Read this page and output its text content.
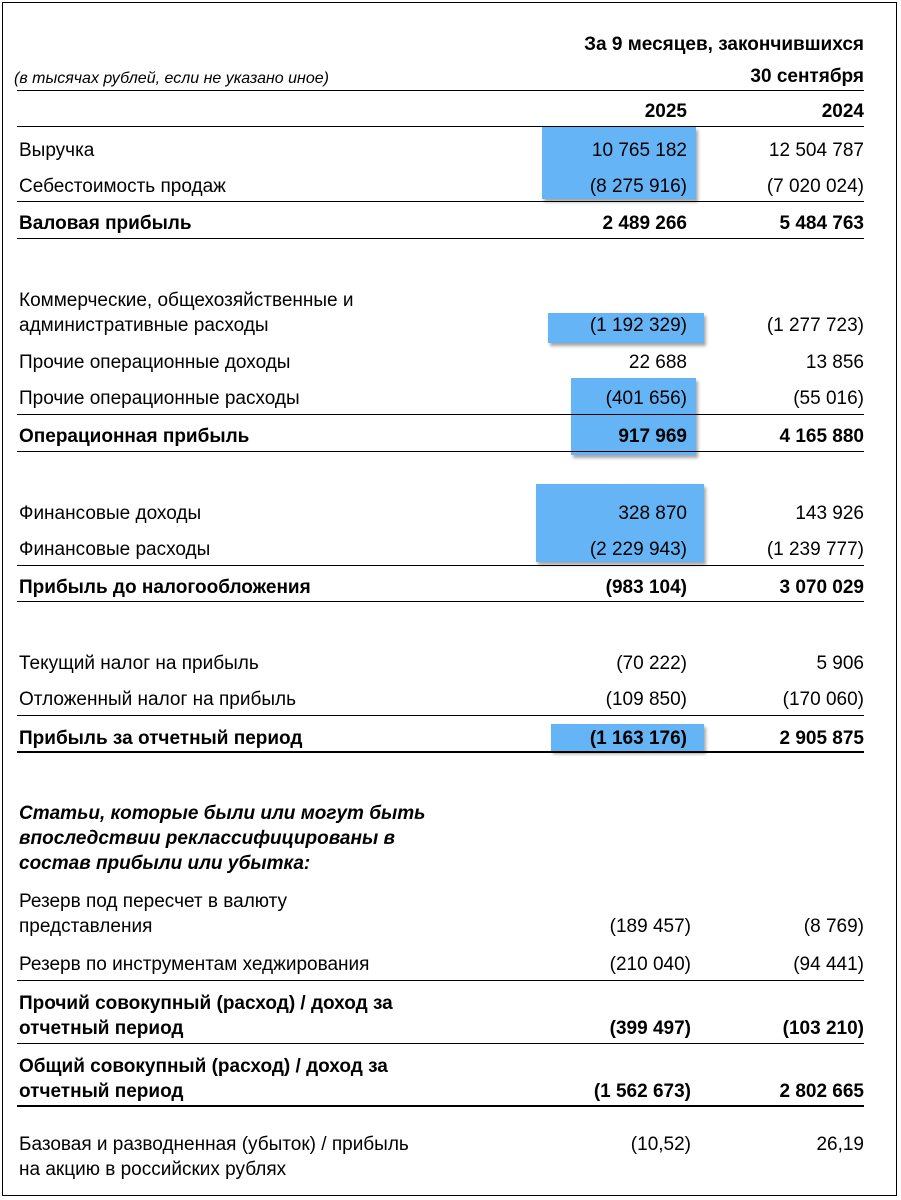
За 9 месяцев, закончившихся
(в тысячах рублей, если не указано иное)	30 сентября
2025	2024
Выручка	10 765 182	12 504 787
Себестоимость продаж	(8 275 916)	(7 020 024)
Валовая прибыль	2 489 266	5 484 763
Коммерческие, общехозяйственные и
административные расходы	(1 192 329)	(1 277 723)
Прочие операционные доходы	22 688	13 856
Прочие операционные расходы	(401 656)	(55 016)
Операционная прибыль	917 969	4 165 880
Финансовые доходы	328 870	143 926
Финансовые расходы	(2 229 943)	(1 239 777)
Прибыль до налогообложения	(983 104)	3 070 029
Текущий налог на прибыль	(70 222)	5 906
Отложенный налог на прибыль	(109 850)	(170 060)
Прибыль за отчетный период	(1 163 176)	2 905 875
Статьи, которые были или могут быть
впоследствии реклассифицированы в
состав прибыли или убытка:
Резерв под пересчет в валюту
представления	(189 457)	(8 769)
Резерв по инструментам хеджирования	(210 040)	(94 441)
Прочий совокупный (расход) / доход за
отчетный период	(399 497)	(103 210)
Общий совокупный (расход) / доход за
отчетный период	(1 562 673)	2 802 665
Базовая и разводненная (убыток) / прибыль
на акцию в российских рублях
(10,52)	26,19
